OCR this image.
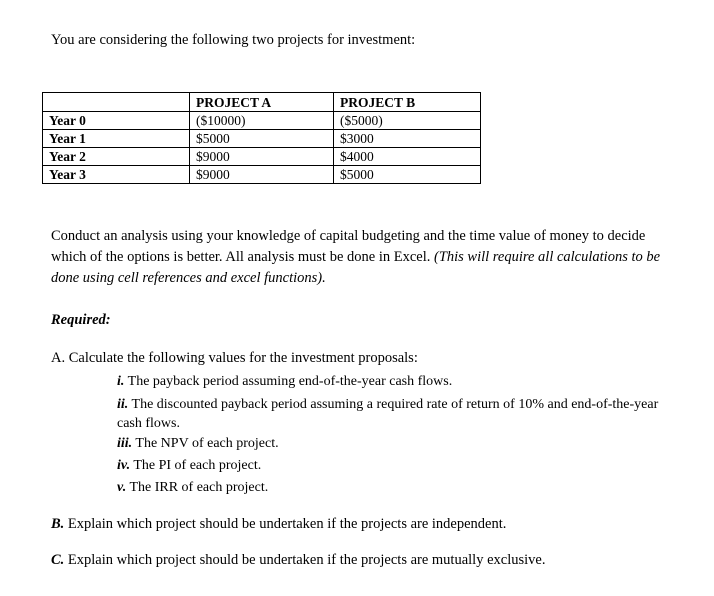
You are considering the following two projects for investment:
	PROJECT A	PROJECT B
Year 0	($10000)	($5000)
Year 1	$5000	$3000
Year 2	$9000	$4000
Year 3	$9000	$5000
Conduct an analysis using your knowledge of capital budgeting and the time value of money to decide which of the options is better. All analysis must be done in Excel. (This will require all calculations to be done using cell references and excel functions).
Required:
A. Calculate the following values for the investment proposals:
i. The payback period assuming end-of-the-year cash flows.
ii. The discounted payback period assuming a required rate of return of 10% and end-of-the-year cash flows.
iii. The NPV of each project.
iv. The PI of each project.
v. The IRR of each project.
B. Explain which project should be undertaken if the projects are independent.
C. Explain which project should be undertaken if the projects are mutually exclusive.
